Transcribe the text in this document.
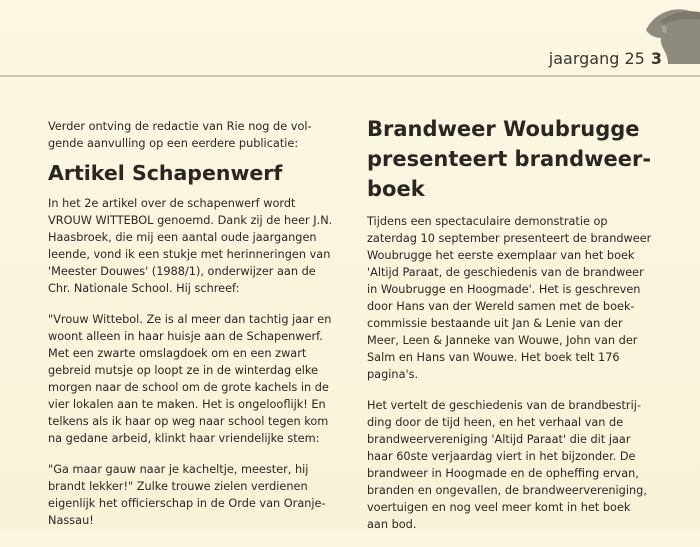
jaargang 25 3
Verder ontving de redactie van Rie nog de vol-
gende aanvulling op een eerdere publicatie:
Artikel Schapenwerf
In het 2e artikel over de schapenwerf wordt
VROUW WITTEBOL genoemd. Dank zij de heer J.N.
Haasbroek, die mij een aantal oude jaargangen
leende, vond ik een stukje met herinneringen van
'Meester Douwes' (1988/1), onderwijzer aan de
Chr. Nationale School. Hij schreef:
"Vrouw Wittebol. Ze is al meer dan tachtig jaar en
woont alleen in haar huisje aan de Schapenwerf.
Met een zwarte omslagdoek om en een zwart
gebreid mutsje op loopt ze in de winterdag elke
morgen naar de school om de grote kachels in de
vier lokalen aan te maken. Het is ongelooflijk! En
telkens als ik haar op weg naar school tegen kom
na gedane arbeid, klinkt haar vriendelijke stem:
"Ga maar gauw naar je kacheltje, meester, hij
brandt lekker!" Zulke trouwe zielen verdienen
eigenlijk het officierschap in de Orde van Oranje-
Nassau!
Brandweer Woubrugge
presenteert brandweer-
boek
Tijdens een spectaculaire demonstratie op
zaterdag 10 september presenteert de brandweer
Woubrugge het eerste exemplaar van het boek
'Altijd Paraat, de geschiedenis van de brandweer
in Woubrugge en Hoogmade'. Het is geschreven
door Hans van der Wereld samen met de boek-
commissie bestaande uit Jan & Lenie van der
Meer, Leen & Janneke van Wouwe, John van der
Salm en Hans van Wouwe. Het boek telt 176
pagina's.
Het vertelt de geschiedenis van de brandbestrij-
ding door de tijd heen, en het verhaal van de
brandweervereniging 'Altijd Paraat' die dit jaar
haar 60ste verjaardag viert in het bijzonder. De
brandweer in Hoogmade en de opheffing ervan,
branden en ongevallen, de brandweervereniging,
voertuigen en nog veel meer komt in het boek
aan bod.
